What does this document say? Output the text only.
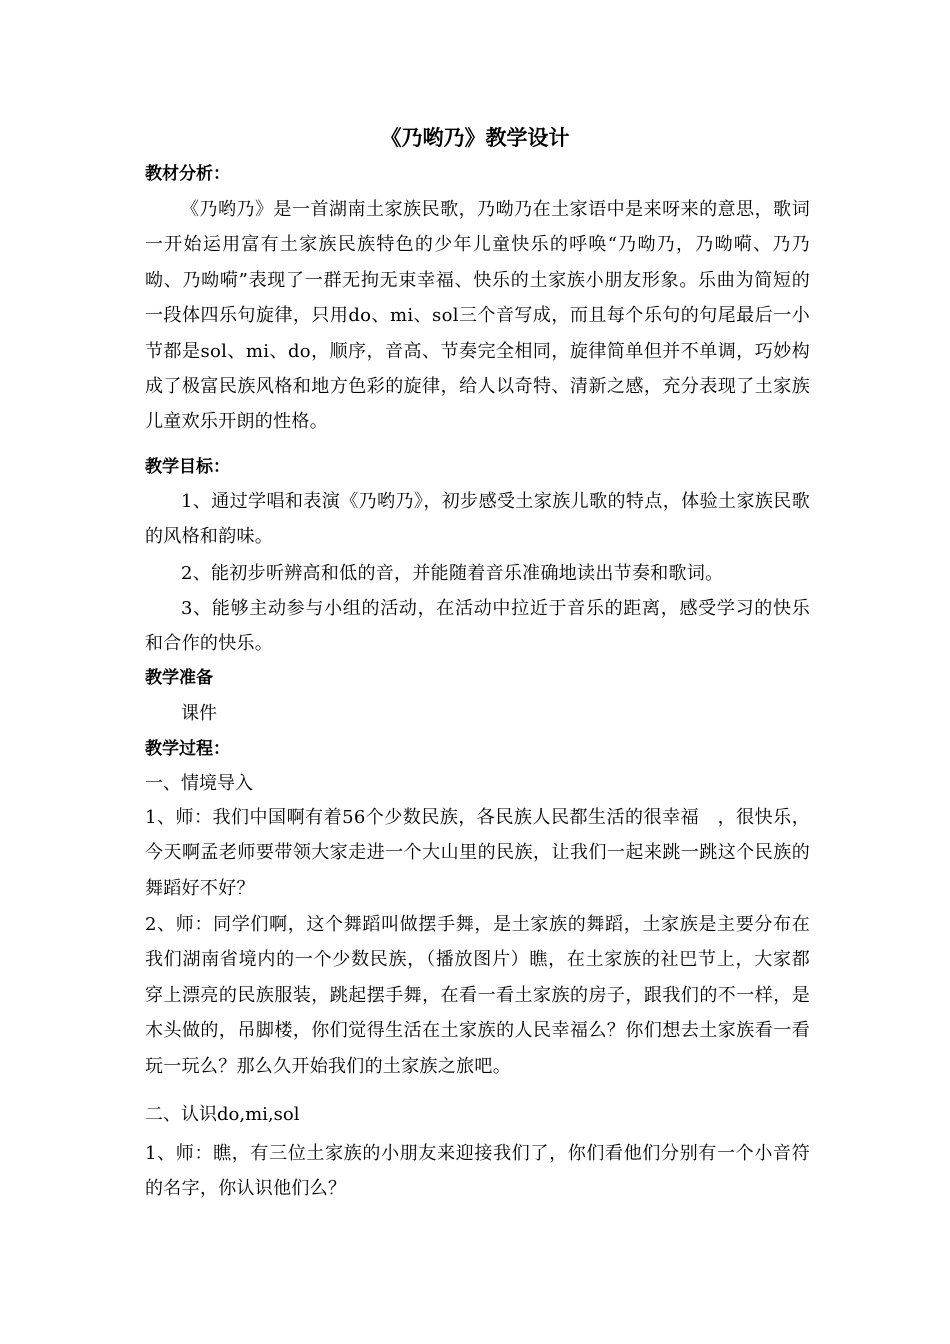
《乃哟乃》教学设计
教材分析：
《乃哟乃》是一首湖南土家族民歌，乃呦乃在土家语中是来呀来的意思，歌词一开始运用富有土家族民族特色的少年儿童快乐的呼唤“乃呦乃，乃呦嗬、乃乃呦、乃呦嗬”表现了一群无拘无束幸福、快乐的土家族小朋友形象。乐曲为简短的一段体四乐句旋律，只用do、mi、sol三个音写成，而且每个乐句的句尾最后一小节都是sol、mi、do，顺序，音高、节奏完全相同，旋律简单但并不单调，巧妙构成了极富民族风格和地方色彩的旋律，给人以奇特、清新之感，充分表现了土家族儿童欢乐开朗的性格。
教学目标：
1、通过学唱和表演《乃哟乃》，初步感受土家族儿歌的特点，体验土家族民歌的风格和韵味。
2、能初步听辨高和低的音，并能随着音乐准确地读出节奏和歌词。
3、能够主动参与小组的活动，在活动中拉近于音乐的距离，感受学习的快乐和合作的快乐。
教学准备
课件
教学过程：
一、情境导入
1、师：我们中国啊有着56个少数民族，各民族人民都生活的很幸福　，很快乐，今天啊孟老师要带领大家走进一个大山里的民族，让我们一起来跳一跳这个民族的舞蹈好不好？
2、师：同学们啊，这个舞蹈叫做摆手舞，是土家族的舞蹈，土家族是主要分布在我们湖南省境内的一个少数民族，（播放图片）瞧，在土家族的社巴节上，大家都穿上漂亮的民族服装，跳起摆手舞，在看一看土家族的房子，跟我们的不一样，是木头做的，吊脚楼，你们觉得生活在土家族的人民幸福么？你们想去土家族看一看玩一玩么？那么久开始我们的土家族之旅吧。
二、认识do,mi,sol
1、师：瞧，有三位土家族的小朋友来迎接我们了，你们看他们分别有一个小音符的名字，你认识他们么？
